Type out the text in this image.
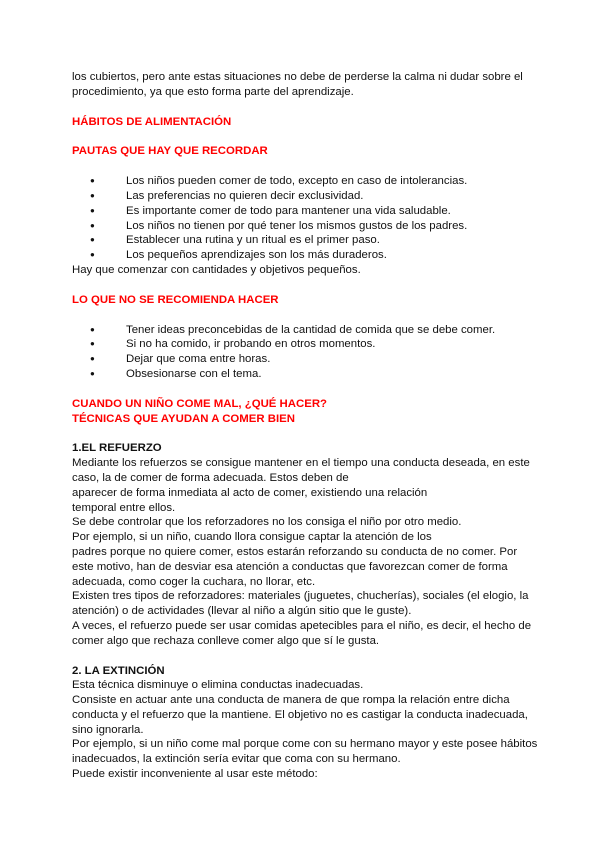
los cubiertos, pero ante estas situaciones no debe de perderse la calma ni dudar sobre el

procedimiento, ya que esto forma parte del aprendizaje.

HÁBITOS DE ALIMENTACIÓN

PAUTAS QUE HAY QUE RECORDAR

● Los niños pueden comer de todo, excepto en caso de intolerancias.
● Las preferencias no quieren decir exclusividad.
● Es importante comer de todo para mantener una vida saludable.
● Los niños no tienen por qué tener los mismos gustos de los padres.
● Establecer una rutina y un ritual es el primer paso.
● Los pequeños aprendizajes son los más duraderos.

Hay que comenzar con cantidades y objetivos pequeños.

LO QUE NO SE RECOMIENDA HACER

● Tener ideas preconcebidas de la cantidad de comida que se debe comer.
● Si no ha comido, ir probando en otros momentos.
● Dejar que coma entre horas.
● Obsesionarse con el tema.

CUANDO UN NIÑO COME MAL, ¿QUÉ HACER?

TÉCNICAS QUE AYUDAN A COMER BIEN

1.EL REFUERZO

Mediante los refuerzos se consigue mantener en el tiempo una conducta deseada, en este

caso, la de comer de forma adecuada. Estos deben de

aparecer de forma inmediata al acto de comer, existiendo una relación

temporal entre ellos.

Se debe controlar que los reforzadores no los consiga el niño por otro medio.

Por ejemplo, si un niño, cuando llora consigue captar la atención de los

padres porque no quiere comer, estos estarán reforzando su conducta de no comer. Por

este motivo, han de desviar esa atención a conductas que favorezcan comer de forma

adecuada, como coger la cuchara, no llorar, etc.

Existen tres tipos de reforzadores: materiales (juguetes, chucherías), sociales (el elogio, la

atención) o de actividades (llevar al niño a algún sitio que le guste).

A veces, el refuerzo puede ser usar comidas apetecibles para el niño, es decir, el hecho de

comer algo que rechaza conlleve comer algo que sí le gusta.

2. LA EXTINCIÓN

Esta técnica disminuye o elimina conductas inadecuadas.

Consiste en actuar ante una conducta de manera de que rompa la relación entre dicha

conducta y el refuerzo que la mantiene. El objetivo no es castigar la conducta inadecuada,

sino ignorarla.

Por ejemplo, si un niño come mal porque come con su hermano mayor y este posee hábitos

inadecuados, la extinción sería evitar que coma con su hermano.

Puede existir inconveniente al usar este método:
